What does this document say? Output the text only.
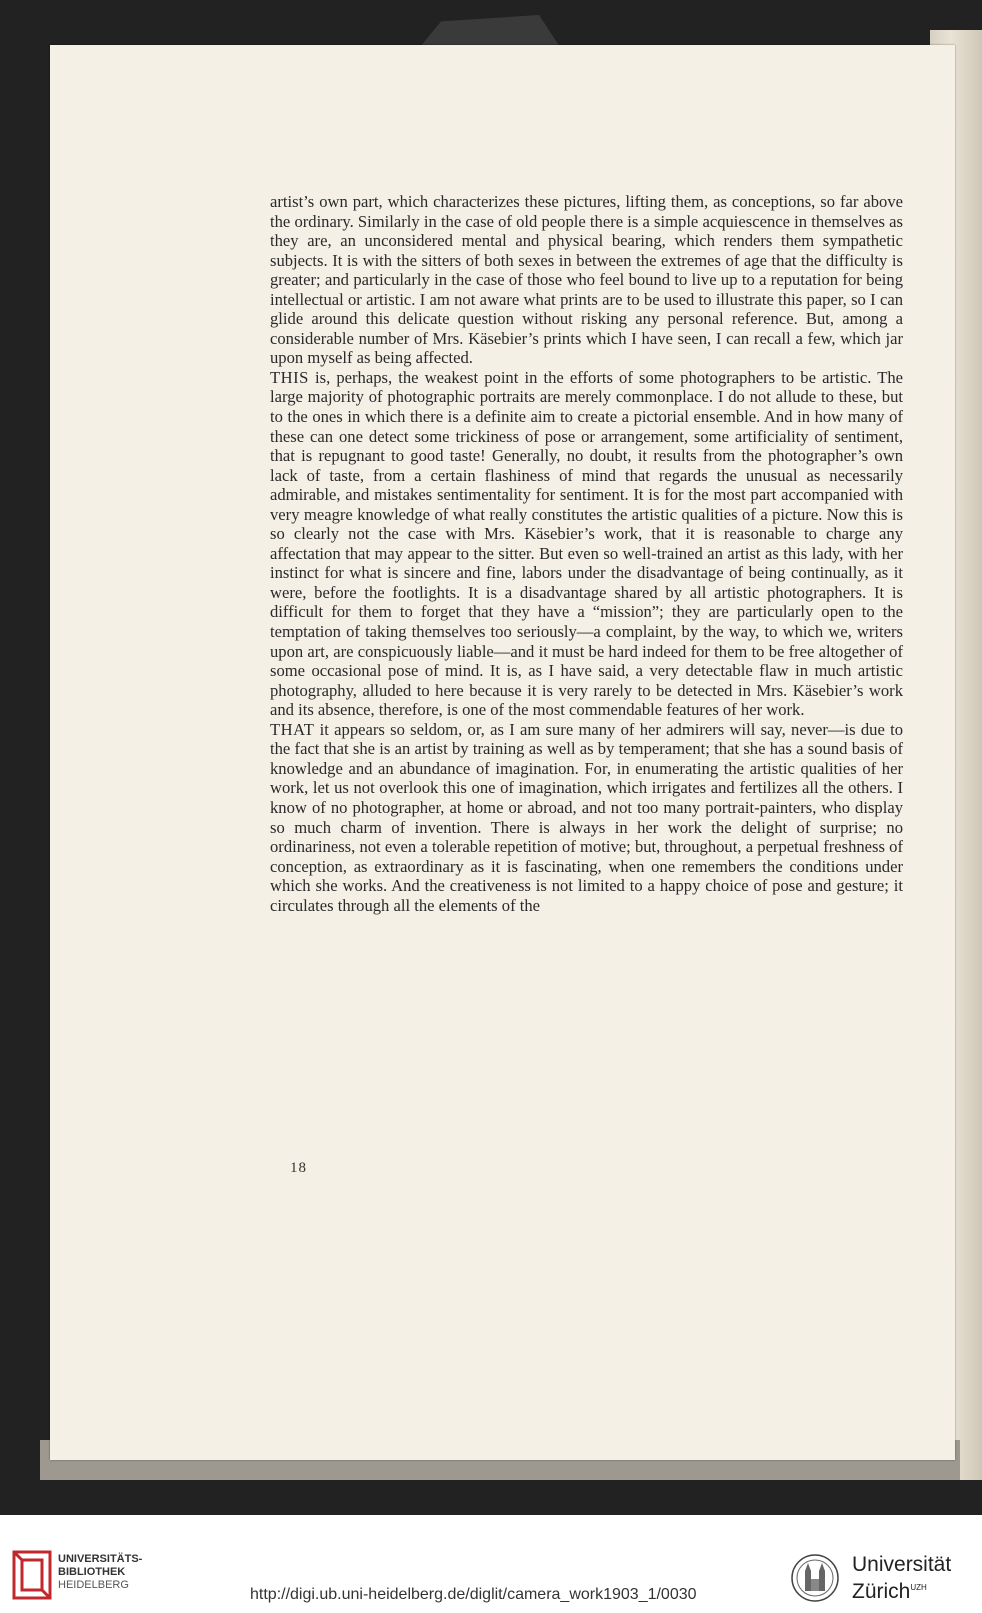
artist’s own part, which characterizes these pictures, lifting them, as conceptions, so far above the ordinary. Similarly in the case of old people there is a simple acquiescence in themselves as they are, an unconsidered mental and physical bearing, which renders them sympathetic subjects. It is with the sitters of both sexes in between the extremes of age that the difficulty is greater; and particularly in the case of those who feel bound to live up to a reputation for being intellectual or artistic. I am not aware what prints are to be used to illustrate this paper, so I can glide around this delicate question without risking any personal reference. But, among a considerable number of Mrs. Käsebier’s prints which I have seen, I can recall a few, which jar upon myself as being affected.

THIS is, perhaps, the weakest point in the efforts of some photographers to be artistic. The large majority of photographic portraits are merely commonplace. I do not allude to these, but to the ones in which there is a definite aim to create a pictorial ensemble. And in how many of these can one detect some trickiness of pose or arrangement, some artificiality of sentiment, that is repugnant to good taste! Generally, no doubt, it results from the photographer’s own lack of taste, from a certain flashiness of mind that regards the unusual as necessarily admirable, and mistakes sentimentality for sentiment. It is for the most part accompanied with very meagre knowledge of what really constitutes the artistic qualities of a picture. Now this is so clearly not the case with Mrs. Käsebier’s work, that it is reasonable to charge any affectation that may appear to the sitter. But even so well-trained an artist as this lady, with her instinct for what is sincere and fine, labors under the disadvantage of being continually, as it were, before the footlights. It is a disadvantage shared by all artistic photographers. It is difficult for them to forget that they have a “mission”; they are particularly open to the temptation of taking themselves too seriously—a complaint, by the way, to which we, writers upon art, are conspicuously liable—and it must be hard indeed for them to be free altogether of some occasional pose of mind. It is, as I have said, a very detectable flaw in much artistic photography, alluded to here because it is very rarely to be detected in Mrs. Käsebier’s work and its absence, therefore, is one of the most commendable features of her work.

THAT it appears so seldom, or, as I am sure many of her admirers will say, never—is due to the fact that she is an artist by training as well as by temperament; that she has a sound basis of knowledge and an abundance of imagination. For, in enumerating the artistic qualities of her work, let us not overlook this one of imagination, which irrigates and fertilizes all the others. I know of no photographer, at home or abroad, and not too many portrait-painters, who display so much charm of invention. There is always in her work the delight of surprise; no ordinariness, not even a tolerable repetition of motive; but, throughout, a perpetual freshness of conception, as extraordinary as it is fascinating, when one remembers the conditions under which she works. And the creativeness is not limited to a happy choice of pose and gesture; it circulates through all the elements of the

18
UNIVERSITÄTS-
BIBLIOTHEK
HEIDELBERG
http://digi.ub.uni-heidelberg.de/diglit/camera_work1903_1/0030
Universität
Zürich$^{UZH}$
